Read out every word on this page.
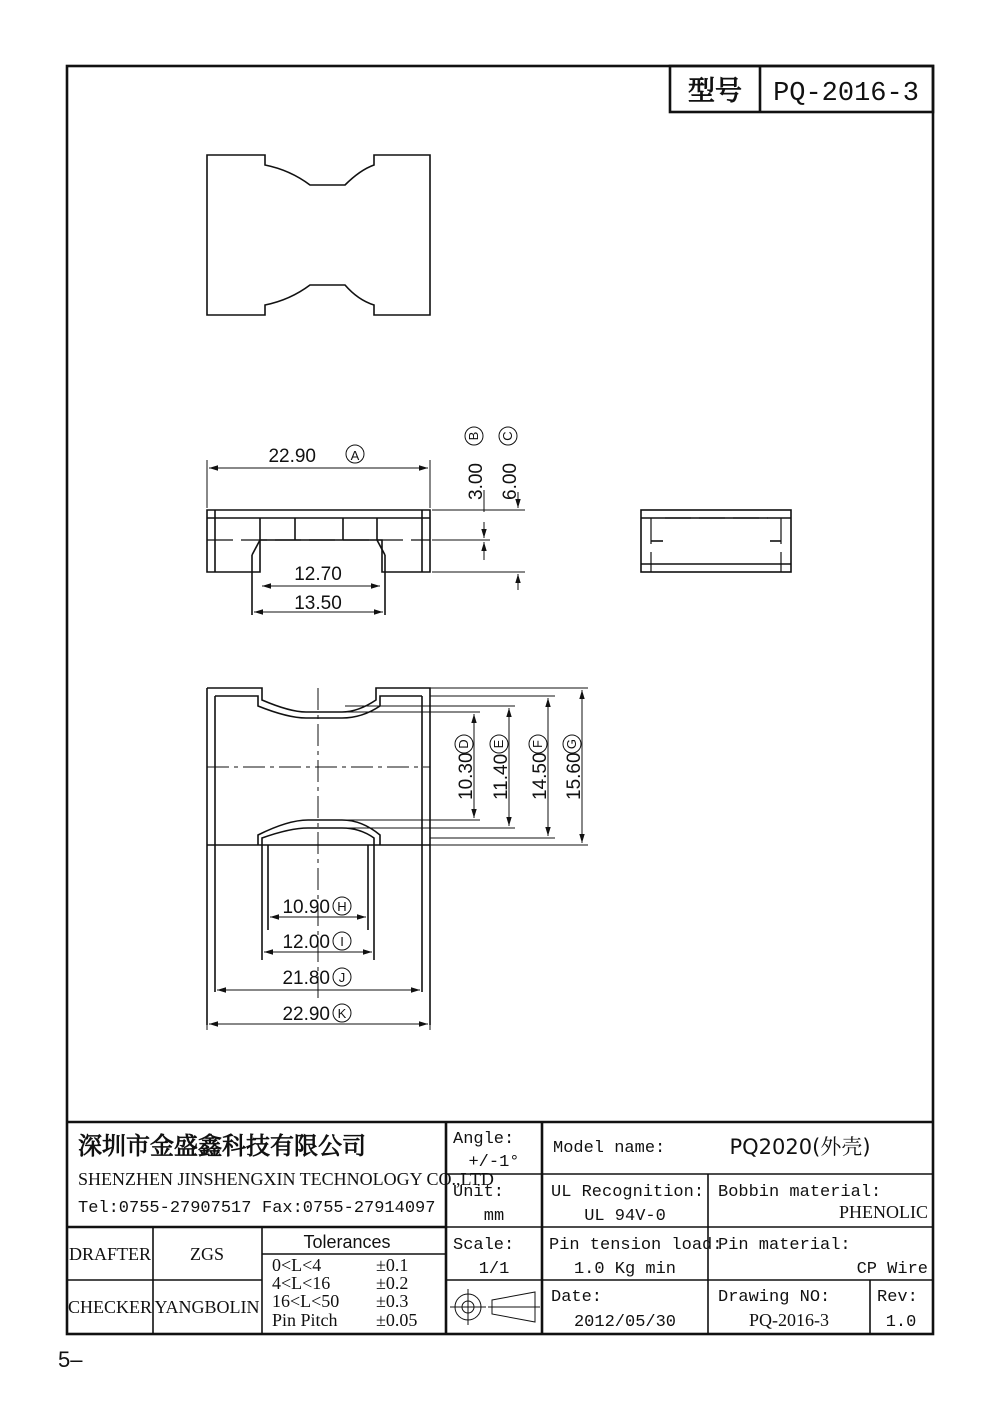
型号 PQ-2016-3
22.90	A
3.00
B
6.00
C
12.70
13.50
10.30
D
11.40
E
14.50
F
15.60
G
10.90 H
12.00 I
21.80 J
22.90 K
深圳市金盛鑫科技有限公司
SHENZHEN JINSHENGXIN TECHNOLOGY CO.,LTD
Tel:0755-27907517 Fax:0755-27914097
Angle:
+/-1°
Unit:
mm
Scale:
1/1
Model name:	PQ2020(外壳)
UL Recognition:
UL 94V-0
Bobbin material:
PHENOLIC
Pin tension load:
1.0 Kg min
Pin material:
CP Wire
Date:
2012/05/30
Drawing NO:
PQ-2016-3
Rev:
1.0
DRAFTER ZGS
CHECKER YANGBOLIN
Tolerances
0<L<4	±0.1
4<L<16	±0.2
16<L<50 ±0.3
Pin Pitch ±0.05
5–
